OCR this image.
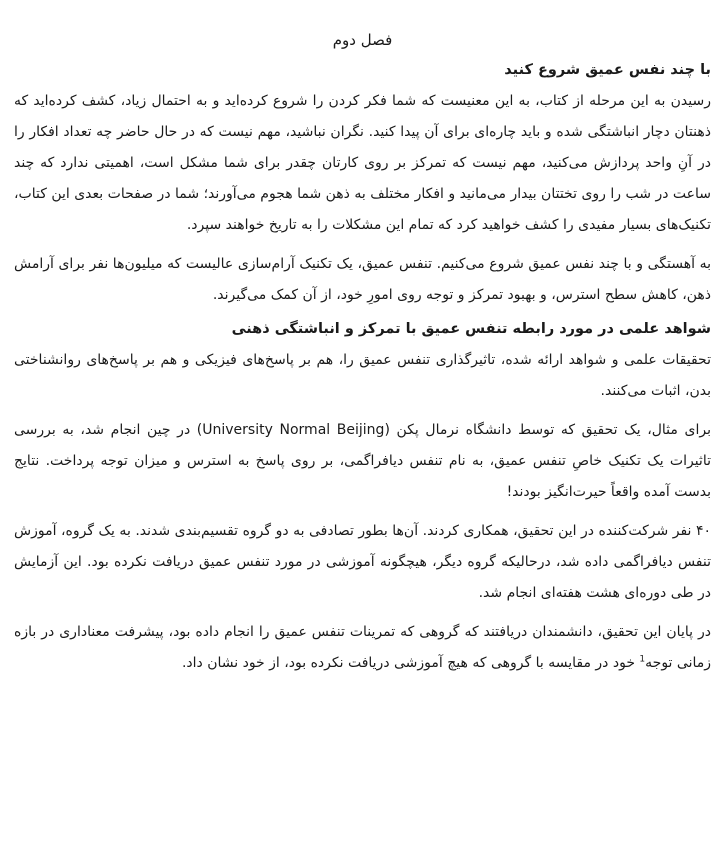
فصل دوم
با چند نفس عمیق شروع کنید

رسیدن به این مرحله از کتاب، به این معنیست که شما فکر کردن را شروع کرده‌اید و به احتمال زیاد، کشف کرده‌اید که ذهنتان دچار انباشتگی شده و باید چاره‌ای برای آن پیدا کنید. نگران نباشید، مهم نیست که در حال حاضر چه تعداد افکار را در آنِ واحد پردازش می‌کنید، مهم نیست که تمرکز بر روی کارتان چقدر برای شما مشکل است، اهمیتی ندارد که چند ساعت در شب را روی تختتان بیدار می‌مانید و افکار مختلف به ذهن شما هجوم می‌آورند؛ شما در صفحات بعدی این کتاب، تکنیک‌های بسیار مفیدی را کشف خواهید کرد که تمام این مشکلات را به تاریخ خواهند سپرد.

به آهستگی و با چند نفس عمیق شروع می‌کنیم. تنفس عمیق، یک تکنیک آرام‌سازی عالیست که میلیون‌ها نفر برای آرامش ذهن، کاهش سطح استرس، و بهبود تمرکز و توجه روی امورِ خود، از آن کمک می‌گیرند.

شواهد علمی در مورد رابطه تنفس عمیق با تمرکز و انباشتگی ذهنی

تحقیقات علمی و شواهد ارائه شده، تاثیرگذاری تنفس عمیق را، هم بر پاسخ‌های فیزیکی و هم بر پاسخ‌های روانشناختی بدن، اثبات می‌کنند.

برای مثال، یک تحقیق که توسط دانشگاه نرمال پکن (University Normal Beijing) در چین انجام شد، به بررسی تاثیرات یک تکنیک خاصِ تنفس عمیق، به نام تنفس دیافراگمی، بر روی پاسخ به استرس و میزان توجه پرداخت. نتایج بدست آمده واقعاً حیرت‌انگیز بودند!

۴۰ نفر شرکت‌کننده در این تحقیق، همکاری کردند. آن‌ها بطور تصادفی به دو گروه تقسیم‌بندی شدند. به یک گروه، آموزش تنفس دیافراگمی داده شد، درحالیکه گروه دیگر، هیچگونه آموزشی در مورد تنفس عمیق دریافت نکرده بود. این آزمایش در طی دوره‌ای هشت هفته‌ای انجام شد.

در پایان این تحقیق، دانشمندان دریافتند که گروهی که تمرینات تنفس عمیق را انجام داده بود، پیشرفت معناداری در بازه زمانی توجه$^1$ خود در مقایسه با گروهی که هیچ آموزشی دریافت نکرده بود، از خود نشان داد.
